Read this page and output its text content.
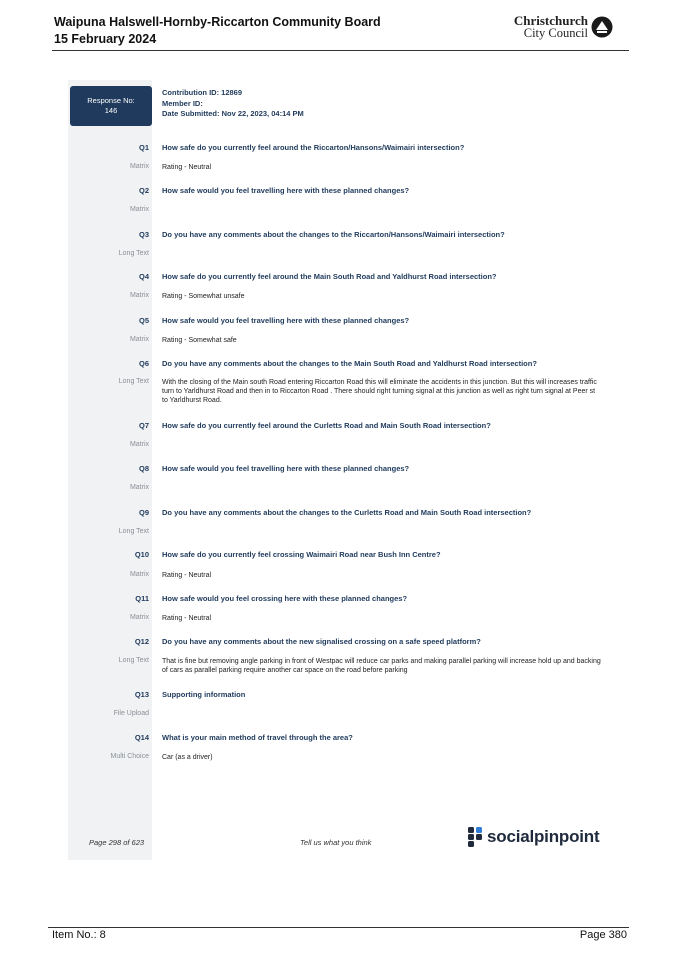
Waipuna Halswell-Hornby-Riccarton Community Board
15 February 2024
Christchurch
City Council
Response No:
146
Contribution ID: 12869
Member ID:
Date Submitted: Nov 22, 2023, 04:14 PM
Q1 How safe do you currently feel around the Riccarton/Hansons/Waimairi intersection?
Matrix Rating - Neutral
Q2 How safe would you feel travelling here with these planned changes?
Matrix
Q3 Do you have any comments about the changes to the Riccarton/Hansons/Waimairi intersection?
Long Text
Q4 How safe do you currently feel around the Main South Road and Yaldhurst Road intersection?
Matrix Rating - Somewhat unsafe
Q5 How safe would you feel travelling here with these planned changes?
Matrix Rating - Somewhat safe
Q6 Do you have any comments about the changes to the Main South Road and Yaldhurst Road intersection?
Long Text With the closing of the Main south Road entering Riccarton Road this will eliminate the accidents in this junction. But this will increases traffic turn to Yarldhurst Road and then in to Riccarton Road . There should right turning signal at this junction as well as right turn signal at Peer st to Yarldhurst Road.
Q7 How safe do you currently feel around the Curletts Road and Main South Road intersection?
Matrix
Q8 How safe would you feel travelling here with these planned changes?
Matrix
Q9 Do you have any comments about the changes to the Curletts Road and Main South Road intersection?
Long Text
Q10 How safe do you currently feel crossing Waimairi Road near Bush Inn Centre?
Matrix Rating - Neutral
Q11 How safe would you feel crossing here with these planned changes?
Matrix Rating - Neutral
Q12 Do you have any comments about the new signalised crossing on a safe speed platform?
Long Text That is fine but removing angle parking in front of Westpac will reduce car parks and making parallel parking will increase hold up and backing of cars as parallel parking require another car space on the road before parking
Q13 Supporting information
File Upload
Q14 What is your main method of travel through the area?
Multi Choice Car (as a driver)
Page 298 of 623	Tell us what you think	socialpinpoint
Item No.: 8	Page 380
